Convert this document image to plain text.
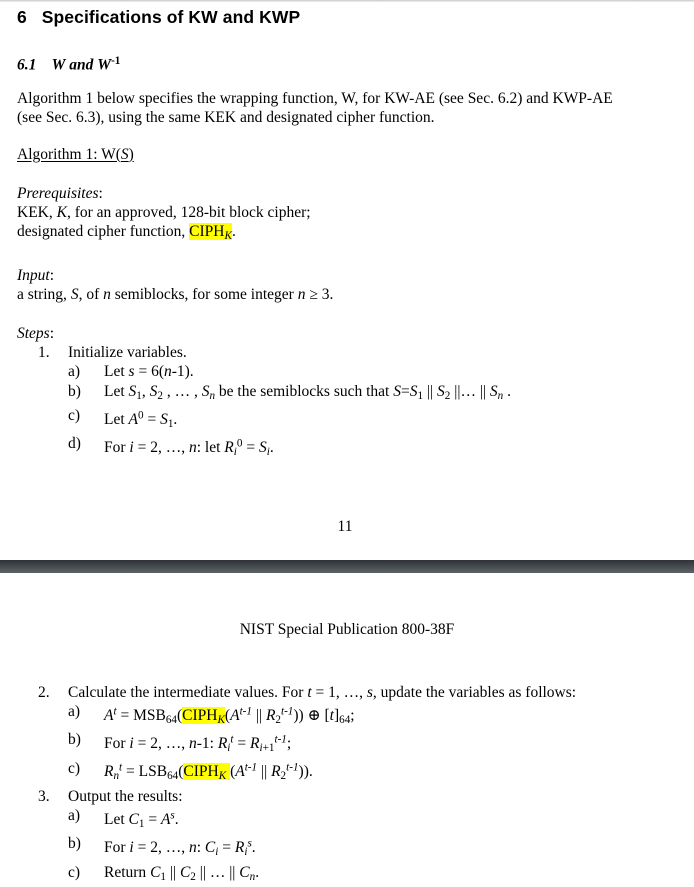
6 Specifications of KW and KWP
6.1 W and $W^{-1}$

Algorithm 1 below specifies the wrapping function, W, for KW-AE (see Sec. 6.2) and KWP-AE
(see Sec. 6.3), using the same KEK and designated cipher function.

Algorithm 1: W(S)
Prerequisites:
KEK, K, for an approved, 128-bit block cipher;
designated cipher function, $CIPH_K$.
Input:
a string, S, of n semiblocks, for some integer n ≥ 3.
Steps:
1.	Initialize variables.
a)	Let s = 6(n-1).
b)	Let $S_1$, $S_2$ , … , $S_n$ be the semiblocks such that $S=S_1$ || $S_2$ ||… || $S_n$ .
c)	Let $A^0 = S_1$.
d)	For i = 2, …, n: let $R_i^0 = S_i$.
11
NIST Special Publication 800-38F
2.	Calculate the intermediate values. For t = 1, …, s, update the variables as follows:
a)	$A^t$ = $MSB_{64}(CIPH_K(A^{t-1}$ || $R_2^{t-1}$)) ⊕ $[t]_{64}$;
b)	For i = 2, …, n-1: $R_i^t = R_{i+1}^{t-1}$;
c)	$R_n^t$ = $LSB_{64}(CIPH_K$ ($A^{t-1}$ || $R_2^{t-1}$)).
3.	Output the results:
a)	Let $C_1 = A^s$.
b)	For i = 2, …, n: $C_i = R_i^s$.
c)	Return $C_1$ || $C_2$ || … || $C_n$.
